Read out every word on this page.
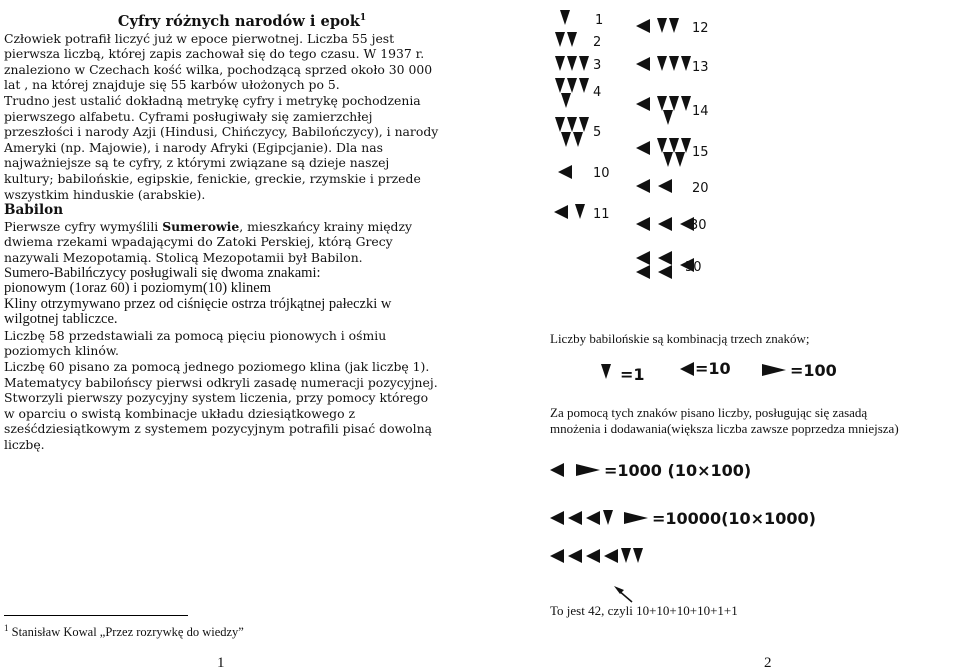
Cyfry różnych narodów i epok$^1$
Człowiek potrafił liczyć już w epoce pierwotnej. Liczba 55 jest pierwsza liczbą, której zapis zachował się do tego czasu. W 1937 r. znaleziono w Czechach kość wilka, pochodzącą sprzed około 30 000 lat , na której znajduje się 55 karbów ułożonych po 5.
Trudno jest ustalić dokładną metrykę cyfry i metrykę pochodzenia pierwszego alfabetu. Cyframi posługiwały się zamierzchłej przeszłości i narody Azji (Hindusi, Chińczycy, Babilończycy), i narody Ameryki (np. Majowie), i narody Afryki (Egipcjanie). Dla nas najważniejsze są te cyfry, z którymi związane są dzieje naszej kultury; babilońskie, egipskie, fenickie, greckie, rzymskie i przede wszystkim hinduskie (arabskie).
Babilon
Pierwsze cyfry wymyślili Sumerowie, mieszkańcy krainy między dwiema rzekami wpadającymi do Zatoki Perskiej, którą Grecy nazywali Mezopotamią. Stolicą Mezopotamii był Babilon.
Sumero-Babilńczycy posługiwali się dwoma znakami:
pionowym (1oraz 60) i poziomym(10) klinem
Kliny otrzymywano przez od ciśnięcie ostrza trójkątnej pałeczki w wilgotnej tabliczce.
Liczbę 58 przedstawiali za pomocą pięciu pionowych i ośmiu poziomych klinów.
Liczbę 60 pisano za pomocą jednego poziomego klina (jak liczbę 1).
Matematycy babilońscy pierwsi odkryli zasadę numeracji pozycyjnej. Stworzyli pierwszy pozycyjny system liczenia, przy pomocy którego w oparciu o swistą kombinacje układu dziesiątkowego z sześćdziesiątkowym z systemem pozycyjnym potrafili pisać dowolną liczbę.
$^1$ Stanisław Kowal „Przez rozrywkę do wiedzy”
1
1
2
3
4
5
10
11
12
13
14
15
20
30
50
Liczby babilońskie są kombinacją trzech znaków;
=1	=10	=100
Za pomocą tych znaków pisano liczby, posługując się zasadą
mnożenia i dodawania(większa liczba zawsze poprzedza mniejsza)
=1000 (10×100)
=10000(10×1000)
To jest 42, czyli 10+10+10+10+1+1
2
